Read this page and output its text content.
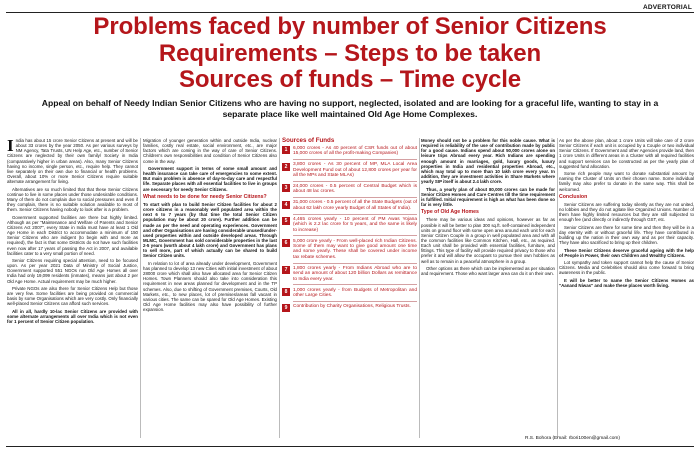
ADVERTORIAL
Problems faced by number of Senior Citizens
Requirements – Steps to be taken
Sources of funds – Time cycle
Appeal on behalf of Needy Indian Senior Citizens who are having no support, neglected, isolated and are looking for a graceful life, wanting to stay in a separate place like well maintained Old Age Home Complexes.

India has about 15 crore Senior Citizens at present and will be about 33 crores by the year 2050. As per various surveys by NM Agency, Tata Trusts, UN Help Age, etc., number of Senior Citizens are neglected by their own family/ Society in India (comparatively higher in urban areas). Also, many Senior Citizens having no income, single person, etc., require help. They cannot live separately on their own due to financial or health problems. Overall, about 10% or more Senior Citizens require suitable alternate arrangement for living.

Alternatives are so much limited that that these Senior Citizens continue to live in some places under those undesirable conditions. Many of them do not complain due to social pressures and even if they complain, there is no suitable solution available to most of them. Senior Citizens having nobody to look after is a problem.

Government supported facilities are there but highly limited. Although as per "Maintenance and Welfare of Parents and Senior Citizens Act 2007", every State in India must have at least 1 Old Age Home in each District to accommodate a minimum of 150 Senior Citizens who are indigent (to begin with and more as required), the fact is that some Districts do not have such facilities even now after 17 years of passing the Act in 2007, and available facilities cater to a very small portion of need.

Senior Citizens requiring special attention, need to be focused upon. As per year 2021 Data of Ministry of Social Justice, Government supported 551 NGOs run Old Age Homes all over India had only 19,099 residents (inmates), means just about 2 per Old Age Home. Actual requirement may be much higher.

Private NGOs are also there for Senior Citizens Help but those are very few. Some facilities are being provided on commercial basis by some Organisations which are very costly. Only financially well-placed Senior Citizens can afford such services.

All in all, hardly 10-lac Senior Citizens are provided with some alternate arrangements all over India which is not even for 1 percent of Senior Citizen population.

Migration of younger generation within and outside India, nuclear families, costly real estate, social environment, etc., are major factors which are coming in the way of care of Senior Citizens. Children's own responsibilities and condition of Senior Citizens also come in the way.

Government support in terms of some small amount and health insurance can take care of emergencies to some extent. But main problem is absence of day-to-day care and respectful life. Separate places with all essential facilities to live in groups are necessary for needy Senior Citizens.

What needs to be done for needy Senior Citizens?

To start with plan to build Senior Citizen facilities for about 2 crore citizens in a reasonably well populated area within the next 6 to 7 years (by that time the total Senior Citizen population may be about 20 crore). Further addition can be made as per the need and operating experiences. Government and other Organisations are having considerable unused/under-used properties within and outside developed areas. Through MLMC, Government has sold considerable properties in the last 2-5 years (worth about 4 lakh crore) and Government has plans to sell more, part of which actually can be shared to build Senior Citizen units.

In relation to lot of area already under development, Government has planned to develop 13 new Cities with initial investment of about 28000 crore which shall also have allocated area for Senior Citizen Homes. Town Planners should also take into consideration this requirement in new areas planned for development and in the TP schemes. Also, due to shifting of Government premises, Courts, Old Markets, etc., to new places, lot of premises/areas fall vacant in various cities. The same can be spared for Old Age Homes. Existing Old Age Home facilities may also have possibility of further expansion.

Sources of Funds
1	6,000 crores - As 40 percent of CSR funds out of about 15,000 crores of all the profit-making Companies)
2	3,800 crores - As 30 percent of MP, MLA Local Area Development Fund out of about 12,800 crores per year for all the MPs and State MLAs)
3	24,000 crores - 0.5 percent of Central Budget which is about 48 lac crores.
4	31,000 crores - 0.5 percent of all the State Budgets (out of about 62 lakh crore yearly Budget of all States of India).
5	4,465 crores yearly - 10 percent of PM Awas Yojana (which is 2.2 lac crore for 5 years, and the same is likely to increase)
6	5,000 crore yearly - From well-placed rich Indian Citizens. Some of them may want to give good amount one time and some yearly. These shall be covered under income tax rebate schemes.
7	1,800 crores yearly - From Indians Abroad who are to send an amount of about 120 billion Dollars as remittance to India every year.
8	1,000 crores yearly - from Budgets of Metropolitan and other Large Cities.
9	Contribution by Charity Organisations, Religious Trusts.

Money should not be a problem for this noble cause. What is required is reliability of the use of contribution made by public for a good cause. Indians spend about 50,000 crores alone on leisure trips Abroad every year. Rich Indians are spending enough amount in marriages, gold, luxury goods, luxury properties in India and residential properties Abroad, etc., which may total up to more than 10 lakh crore every year. In addition, they are investment activities in Share Markets where yearly SIP itself is about 2.4 lakh crore.

Thus, a yearly plan of about 80,000 crores can be made for Senior Citizen Homes and Care Centres till the time requirement is fulfilled. Initial requirement is high as what has been done so far is very little.

Type of Old Age Homes

There may be various ideas and opinions, however as far as possible it will be better to plan 300 sq.ft. self-contained independent units on ground floor with some open area around each unit for each Senior Citizen Couple in a group in well populated area and with all the common facilities like Common Kitchen, Hall, etc., as required. Each unit shall be provided with essential facilities, furniture, and fittings. This type of facility will provide required privacy to those who prefer it and will allow the occupant to pursue their own hobbies as well as to remain in a peaceful atmosphere in a group.

Other options as there which can be implemented as per situation and requirement. Those who want larger area can do it on their own.

As per the above plan, about 1 crore Units will take care of 2 crore Senior Citizens if each unit is occupied by a Couple or two individual Senior Citizens. If Government and other Agencies provide land, then 1 crore Units in different areas in a Cluster with all required facilities and support services can be constructed as per the yearly plan of suggested fund allocation.

Some rich people may want to donate substantial amount by naming the Cluster of Units on their chosen name. Some individual family may also prefer to donate in the same way. This shall be welcomed.

Conclusion

Senior Citizens are suffering today silently as they are not united, no lobbies and they do not agitate like Organized Unions. Number of them have highly limited resources but they are still subjected to enough fee (and directly or indirectly through GST, etc.

Senior Citizens are there for some time and then they will be in a day eternity with or without graceful life. They have contributed in building up the nation in their own way and as per their capacity. They have also sacrificed to bring up their children.

These Senior Citizens deserve graceful ageing with the help of People in Power, their own Children and Wealthy Citizens.

Lot sympathy and token support cannot help the cause of Senior Citizens. Media and Celebrities should also come forward to bring awareness in the public.

It will be better to name the Senior Citizens Homes as "Aanand Niwas" and make these places worth living.

R.S. Bohora (Email: rbori100en@gmail.com)
